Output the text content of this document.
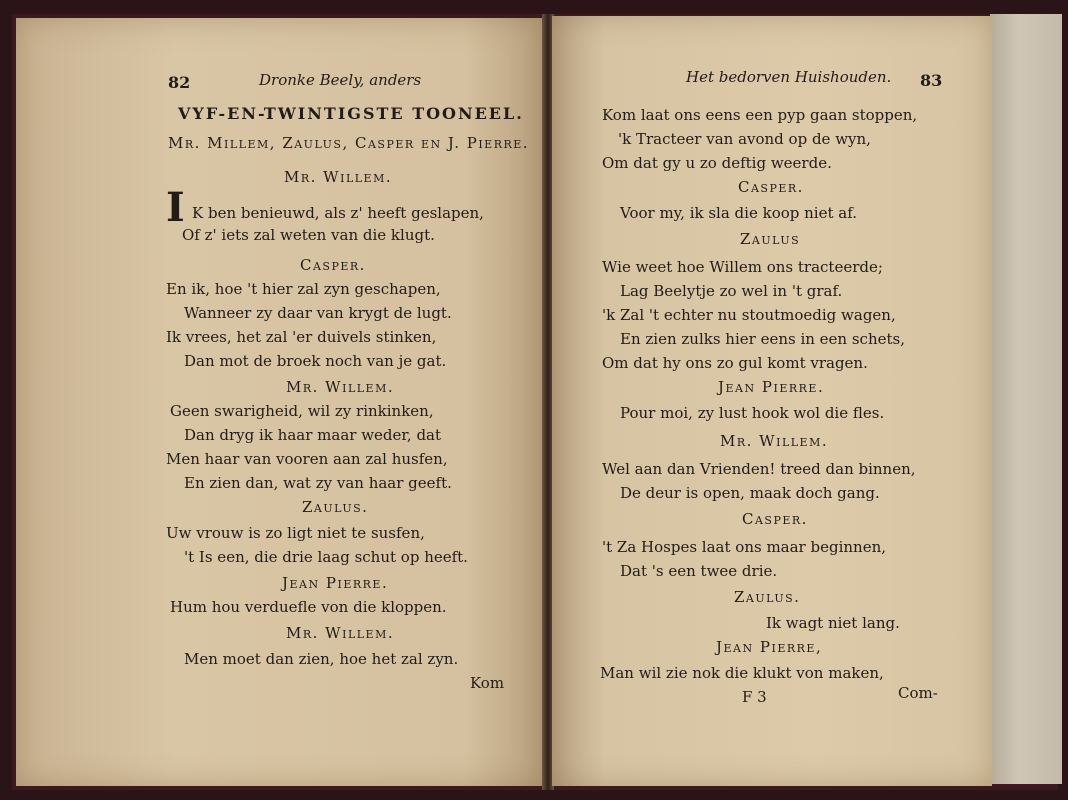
82	Dronke Beely, anders
VYF-EN-TWINTIGSTE TOONEEL.
Mr. Millem, Zaulus, Casper en J. Pierre.
Mr. Willem.
I K ben benieuwd, als z' heeft geslapen,
Of z' iets zal weten van die klugt.
Casper.
En ik, hoe 't hier zal zyn geschapen,
Wanneer zy daar van krygt de lugt.
Ik vrees, het zal 'er duivels stinken,
Dan mot de broek noch van je gat.
Mr. Willem.
Geen swarigheid, wil zy rinkinken,
Dan dryg ik haar maar weder, dat
Men haar van vooren aan zal husfen,
En zien dan, wat zy van haar geeft.
Zaulus.
Uw vrouw is zo ligt niet te susfen,
't Is een, die drie laag schut op heeft.
Jean Pierre.
Hum hou verduefle von die kloppen.
Mr. Willem.
Men moet dan zien, hoe het zal zyn.
Kom
Het bedorven Huishouden. 83
Kom laat ons eens een pyp gaan stoppen,
'k Tracteer van avond op de wyn,
Om dat gy u zo deftig weerde.
Casper.
Voor my, ik sla die koop niet af.
Zaulus
Wie weet hoe Willem ons tracteerde;
Lag Beelytje zo wel in 't graf.
'k Zal 't echter nu stoutmoedig wagen,
En zien zulks hier eens in een schets,
Om dat hy ons zo gul komt vragen.
Jean Pierre.
Pour moi, zy lust hook wol die fles.
Mr. Willem.
Wel aan dan Vrienden! treed dan binnen,
De deur is open, maak doch gang.
Casper.
't Za Hospes laat ons maar beginnen,
Dat 's een twee drie.
Zaulus.
Ik wagt niet lang.
Jean Pierre,
Man wil zie nok die klukt von maken,
F 3	Com-
